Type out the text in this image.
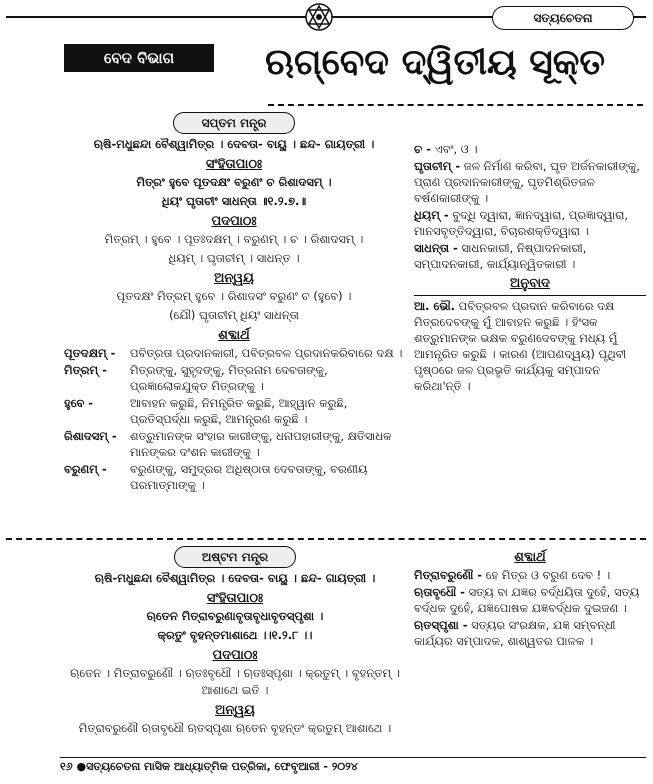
ସତ୍ୟଚେତନା
ବେଦ ବିଭାଗ	ଋଗ୍‌ବେଦ ଦ୍ୱିତୀୟ ସୂକ୍ତ
ସପ୍ତମ ମନ୍ତ୍ର
ଋଷି-ମଧୁଛନ୍ଦା ବୈଶ୍ୱାମିତ୍ର । ଦେବତା- ବାୟୁ । ଛନ୍ଦ- ଗାୟତ୍ରୀ ।
ସଂହିତାପାଠଃ
ମିତ୍ରଂ ହୁବେ ପୂତଦକ୍ଷଂ ବରୁଣଂ ଚ ରିଶାଦସମ୍ ।
ଧିୟଂ ଘୃତାଚୀଂ ସାଧନ୍ତା ॥୧.୨.୭.॥
ପଦପାଠଃ
ମିତ୍ରମ୍ । ହୁବେ । ପୂତଃଦକ୍ଷମ୍ । ବରୁଣମ୍ । ଚ । ରିଶାଦସମ୍ ।
ଧିୟମ୍ । ଘୃତାଚୀମ୍ । ସାଧନ୍ତ ।
ଅନ୍ୱୟ
ପୂତଦକ୍ଷଂ ମିତ୍ରମ୍ ହୁବେ । ରିଶାଦସଂ ବରୁଣଂ ଚ (ହୁବେ) ।
(ଯୌ) ଘୃତାଚୀମ୍ ଧିୟଂ ସାଧନ୍ତା
ଶବ୍ଦାର୍ଥ
ପୂତଦକ୍ଷମ୍ -	ପବିତ୍ରତା ପ୍ରଦାନକାରୀ, ପବିତ୍ରବଳ ପ୍ରଦାନକରିବାରେ ଦକ୍ଷ ।
ମିତ୍ରମ୍ -	ମିତ୍ରଙ୍କୁ, ସୁହୃଦଙ୍କୁ, ମିତ୍ରନାମ ଦେବତାଙ୍କୁ, ପ୍ରଜ୍ଞାଲୋକଯୁକ୍ତ ମିତ୍ରଙ୍କୁ ।
ହୁବେ -	ଆବାହନ କରୁଛି, ନିମନ୍ତ୍ରିତ କରୁଛି, ଆହ୍ୱାନ କରୁଛି, ପ୍ରତିସ୍ପର୍ଦ୍ଧା କରୁଛି, ଆମନ୍ତ୍ରଣ କରୁଛି ।
ରିଶାଦସମ୍ -	ଶତ୍ରୁମାନଙ୍କ ସଂହାର କାରୀଙ୍କୁ, ଧନାପହାରୀଙ୍କୁ, କ୍ଷତିସାଧକ ମାନଙ୍କର ଦଂଶନ କାରୀଙ୍କୁ ।
ବରୁଣମ୍ -	ବରୁଣଙ୍କୁ, ସମୁଦ୍ରର ଅଧିଷ୍ଠାତା ଦେବତାଙ୍କୁ, ବରଣୀୟ ପରମାତ୍ମାଙ୍କୁ ।
ଚ - ଏବଂ, ଓ ।
ଘୃତାଚୀମ୍ - ଜଳ ନିର୍ମାଣ କରିବା, ଘୃତ ଅର୍ଜନକାରୀଙ୍କୁ, ପ୍ରାଣ ପ୍ରଦାନକାରୀଙ୍କୁ, ଘୃତମିଶ୍ରିତଜଳ ବର୍ଷଣକାରୀଙ୍କୁ ।
ଧିୟମ୍ - ବୁଦ୍ଧି ଦ୍ୱାରା, ଜ୍ଞାନଦ୍ୱାରା, ପ୍ରଜ୍ଞାଦ୍ୱାରା, ମାନସବୃତ୍ତିଦ୍ୱାରା, ବିଚାରଶକ୍ତିଦ୍ୱାରା ।
ସାଧନ୍ତା - ସାଧନକାରୀ, ନିଷ୍ପାଦନକାରୀ, ସମ୍ପାଦନକାରୀ, କାର୍ଯ୍ୟାନ୍ୱିତକାରୀ ।
ଅନୁବାଦ
ଆ. ଭୌ. ପବିତ୍ରବଳ ପ୍ରଦାନ କରିବାରେ ଦକ୍ଷ ମିତ୍ରଦେବଙ୍କୁ ମୁଁ ଆବାହନ କରୁଛି । ହିଂସକ ଶତ୍ରୁମାନଙ୍କ ଭକ୍ଷକ ବରୁଣଦେବଙ୍କୁ ମଧ୍ୟ ମୁଁ ଆମନ୍ତ୍ରିତ କରୁଛି । କାରଣ (ଆପଣଦ୍ୱୟ) ପୃଥିବୀ ପୃଷ୍ଠରେ ଜଳ ପ୍ରଭୃତି କାର୍ଯ୍ୟକୁ ସମ୍ପାଦନ କରିଥା'ନ୍ତି ।
ଅଷ୍ଟମ ମନ୍ତ୍ର
ଋଷି-ମଧୁଛନ୍ଦା ବୈଶ୍ୱାମିତ୍ର । ଦେବତା- ବାୟୁ । ଛନ୍ଦ- ଗାୟତ୍ରୀ ।
ସଂହିତାପାଠଃ
ଋତେନ ମିତ୍ରାବରୁଣାବୃତାବୃଧାବୃତସ୍ପୃଶା ।
କ୍ରତୁଂ ବୃହନ୍ତମାଶାଥେ ।।୧.୨.୮ ।।
ପଦପାଠଃ
ଋତେନ । ମିତ୍ରାବରୁଣୌ । ଋତଃବୃଧୌ । ଋତଃସ୍ପୃଶା । କ୍ରତୁମ୍ । ବୃହନ୍ତମ୍ । ଆଶାଥେ ଇତି ।
ଅନ୍ୱୟ
ମିତ୍ରାବରୁଣୌ ଋତାବୃଧୌ ଋତସ୍ପୃଶା ଋତେନ ବୃହନ୍ତଂ କ୍ରତୁମ୍ ଆଶାଥେ ।
ଶବ୍ଦାର୍ଥ
ମିତ୍ରାବରୁଣୌ - ହେ ମିତ୍ର ଓ ବରୁଣ ଦେବ ! ।
ଋତାବୃଧୌ - ସତ୍ୟ ବା ଯଜ୍ଞର ବର୍ଦ୍ଧୟିତା ଦୁହେଁ, ସତ୍ୟ ବର୍ଦ୍ଧକ ଦୁହେଁ, ଯଜ୍ଞପୋଷକ ଯଜ୍ଞବର୍ଦ୍ଧକ ଦୁଇଜଣ ।
ଋତସ୍ପୃଶା - ସତ୍ୟର ସଂରକ୍ଷକ, ଯଜ୍ଞ ସମ୍ବନ୍ଧୀ କାର୍ଯ୍ୟର ସମ୍ପାଦକ, ଶାଶ୍ୱତର ପାଳକ ।
୧୬ ●ସତ୍ୟଚେତନା ମାସିକ ଆଧ୍ୟାତ୍ମିକ ପତ୍ରିକା, ଫେବୃଆରୀ - ୨୦୨୪
